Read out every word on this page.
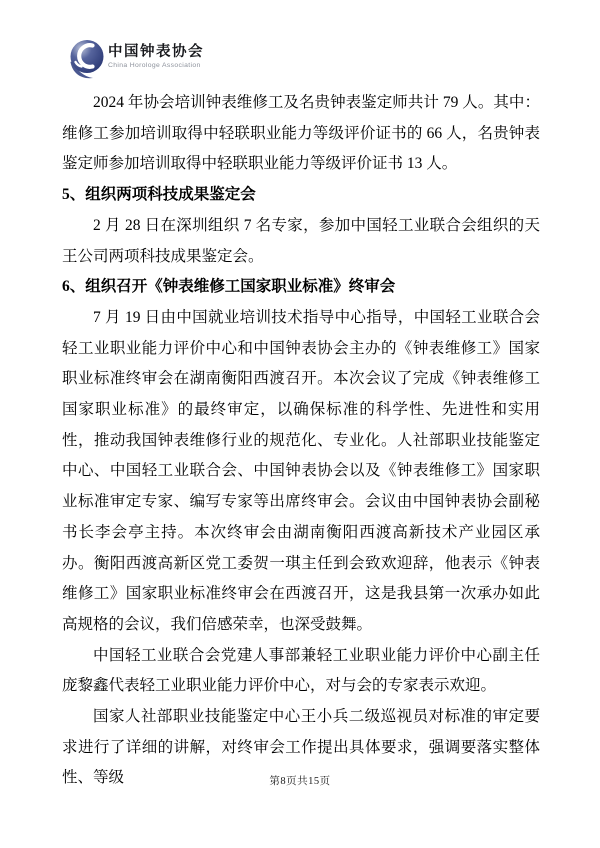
中国钟表协会
China Horologe Association

2024 年协会培训钟表维修工及名贵钟表鉴定师共计 79 人。其中：维修工参加培训取得中轻联职业能力等级评价证书的 66 人，名贵钟表鉴定师参加培训取得中轻联职业能力等级评价证书 13 人。

5、组织两项科技成果鉴定会

2 月 28 日在深圳组织 7 名专家，参加中国轻工业联合会组织的天王公司两项科技成果鉴定会。

6、组织召开《钟表维修工国家职业标准》终审会

7 月 19 日由中国就业培训技术指导中心指导，中国轻工业联合会轻工业职业能力评价中心和中国钟表协会主办的《钟表维修工》国家职业标准终审会在湖南衡阳西渡召开。本次会议了完成《钟表维修工国家职业标准》的最终审定，以确保标准的科学性、先进性和实用性，推动我国钟表维修行业的规范化、专业化。人社部职业技能鉴定中心、中国轻工业联合会、中国钟表协会以及《钟表维修工》国家职业标准审定专家、编写专家等出席终审会。会议由中国钟表协会副秘书长李会亭主持。本次终审会由湖南衡阳西渡高新技术产业园区承办。衡阳西渡高新区党工委贺一琪主任到会致欢迎辞，他表示《钟表维修工》国家职业标准终审会在西渡召开，这是我县第一次承办如此高规格的会议，我们倍感荣幸，也深受鼓舞。

中国轻工业联合会党建人事部兼轻工业职业能力评价中心副主任庞黎鑫代表轻工业职业能力评价中心，对与会的专家表示欢迎。

国家人社部职业技能鉴定中心王小兵二级巡视员对标准的审定要求进行了详细的讲解，对终审会工作提出具体要求，强调要落实整体性、等级	第8页共15页
